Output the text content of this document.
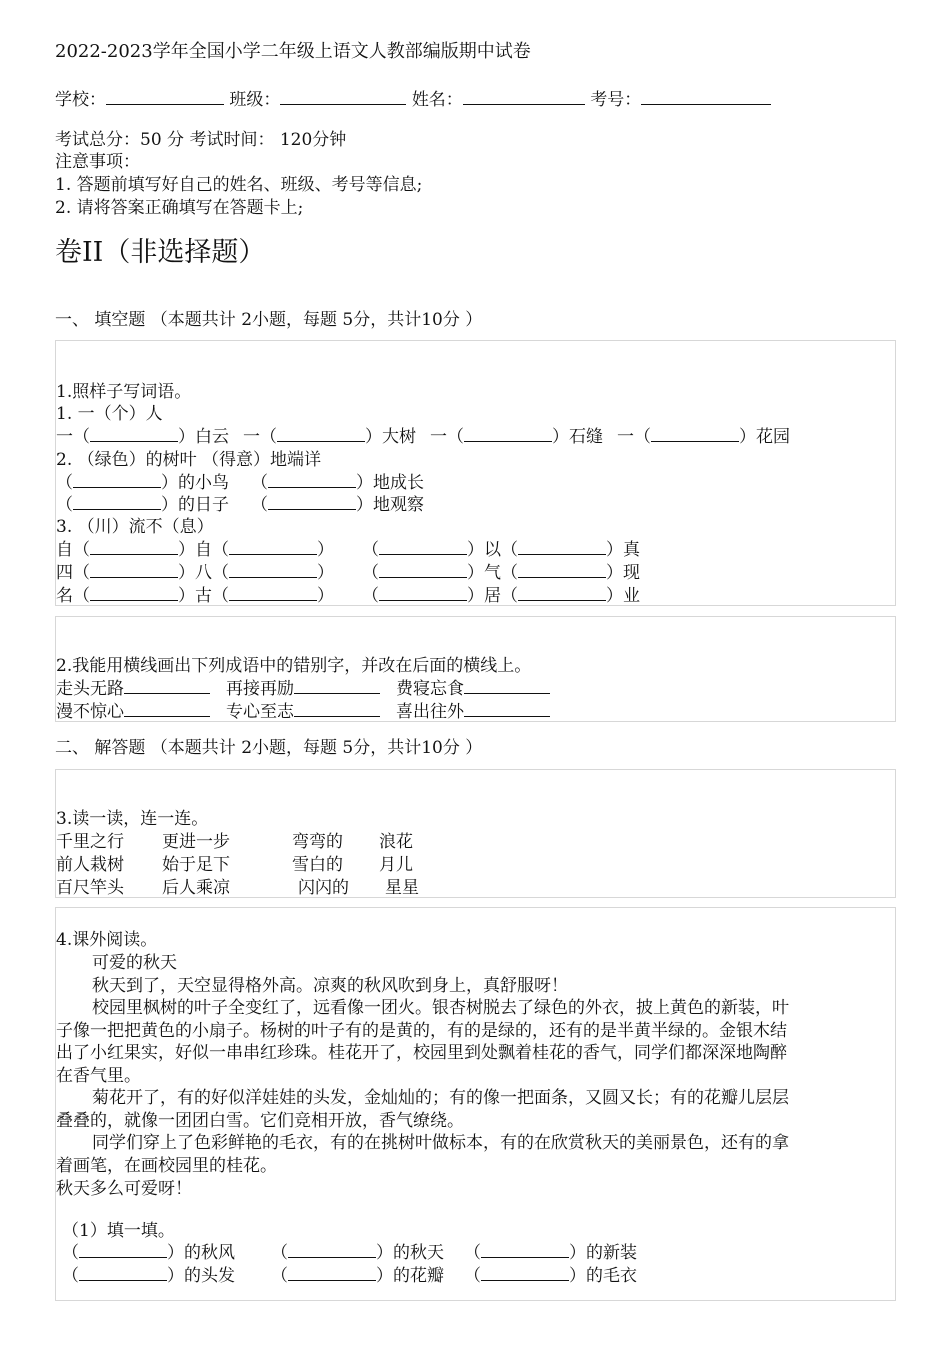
2022-2023学年全国小学二年级上语文人教部编版期中试卷
学校：	班级：	姓名：	考号：
考试总分：50 分 考试时间： 120分钟
注意事项：
1. 答题前填写好自己的姓名、班级、考号等信息;
2. 请将答案正确填写在答题卡上;
卷II（非选择题）
一、 填空题 （本题共计 2小题，每题 5分，共计10分 ）
1.照样子写词语。
1. 一（个）人
一（	）白云 一（	）大树 一（	）石缝 一（	）花园
2. （绿色）的树叶 （得意）地端详
（	）的小鸟 （	）地成长
（	）的日子 （	）地观察
3. （川）流不（息）
自（	）自（	） （	）以（	）真
四（	）八（	） （	）气（	）现
名（	）古（	） （	）居（	）业
2.我能用横线画出下列成语中的错别字，并改在后面的横线上。
走头无路	再接再励	费寝忘食
漫不惊心	专心至志	喜出往外
二、 解答题 （本题共计 2小题，每题 5分，共计10分 ）
3.读一读，连一连。
千里之行 更进一步	弯弯的 浪花
前人栽树 始于足下	雪白的 月儿
百尺竿头 后人乘凉	闪闪的 星星
4.课外阅读。
可爱的秋天
秋天到了，天空显得格外高。凉爽的秋风吹到身上，真舒服呀！
校园里枫树的叶子全变红了，远看像一团火。银杏树脱去了绿色的外衣，披上黄色的新装，叶
子像一把把黄色的小扇子。杨树的叶子有的是黄的，有的是绿的，还有的是半黄半绿的。金银木结
出了小红果实，好似一串串红珍珠。桂花开了，校园里到处飘着桂花的香气，同学们都深深地陶醉
在香气里。
菊花开了，有的好似洋娃娃的头发，金灿灿的；有的像一把面条，又圆又长；有的花瓣儿层层
叠叠的，就像一团团白雪。它们竞相开放，香气缭绕。
同学们穿上了色彩鲜艳的毛衣，有的在挑树叶做标本，有的在欣赏秋天的美丽景色，还有的拿
着画笔，在画校园里的桂花。
秋天多么可爱呀！
（1）填一填。
（	）的秋风 （	）的秋天 （	）的新装
（	）的头发 （	）的花瓣 （	）的毛衣
